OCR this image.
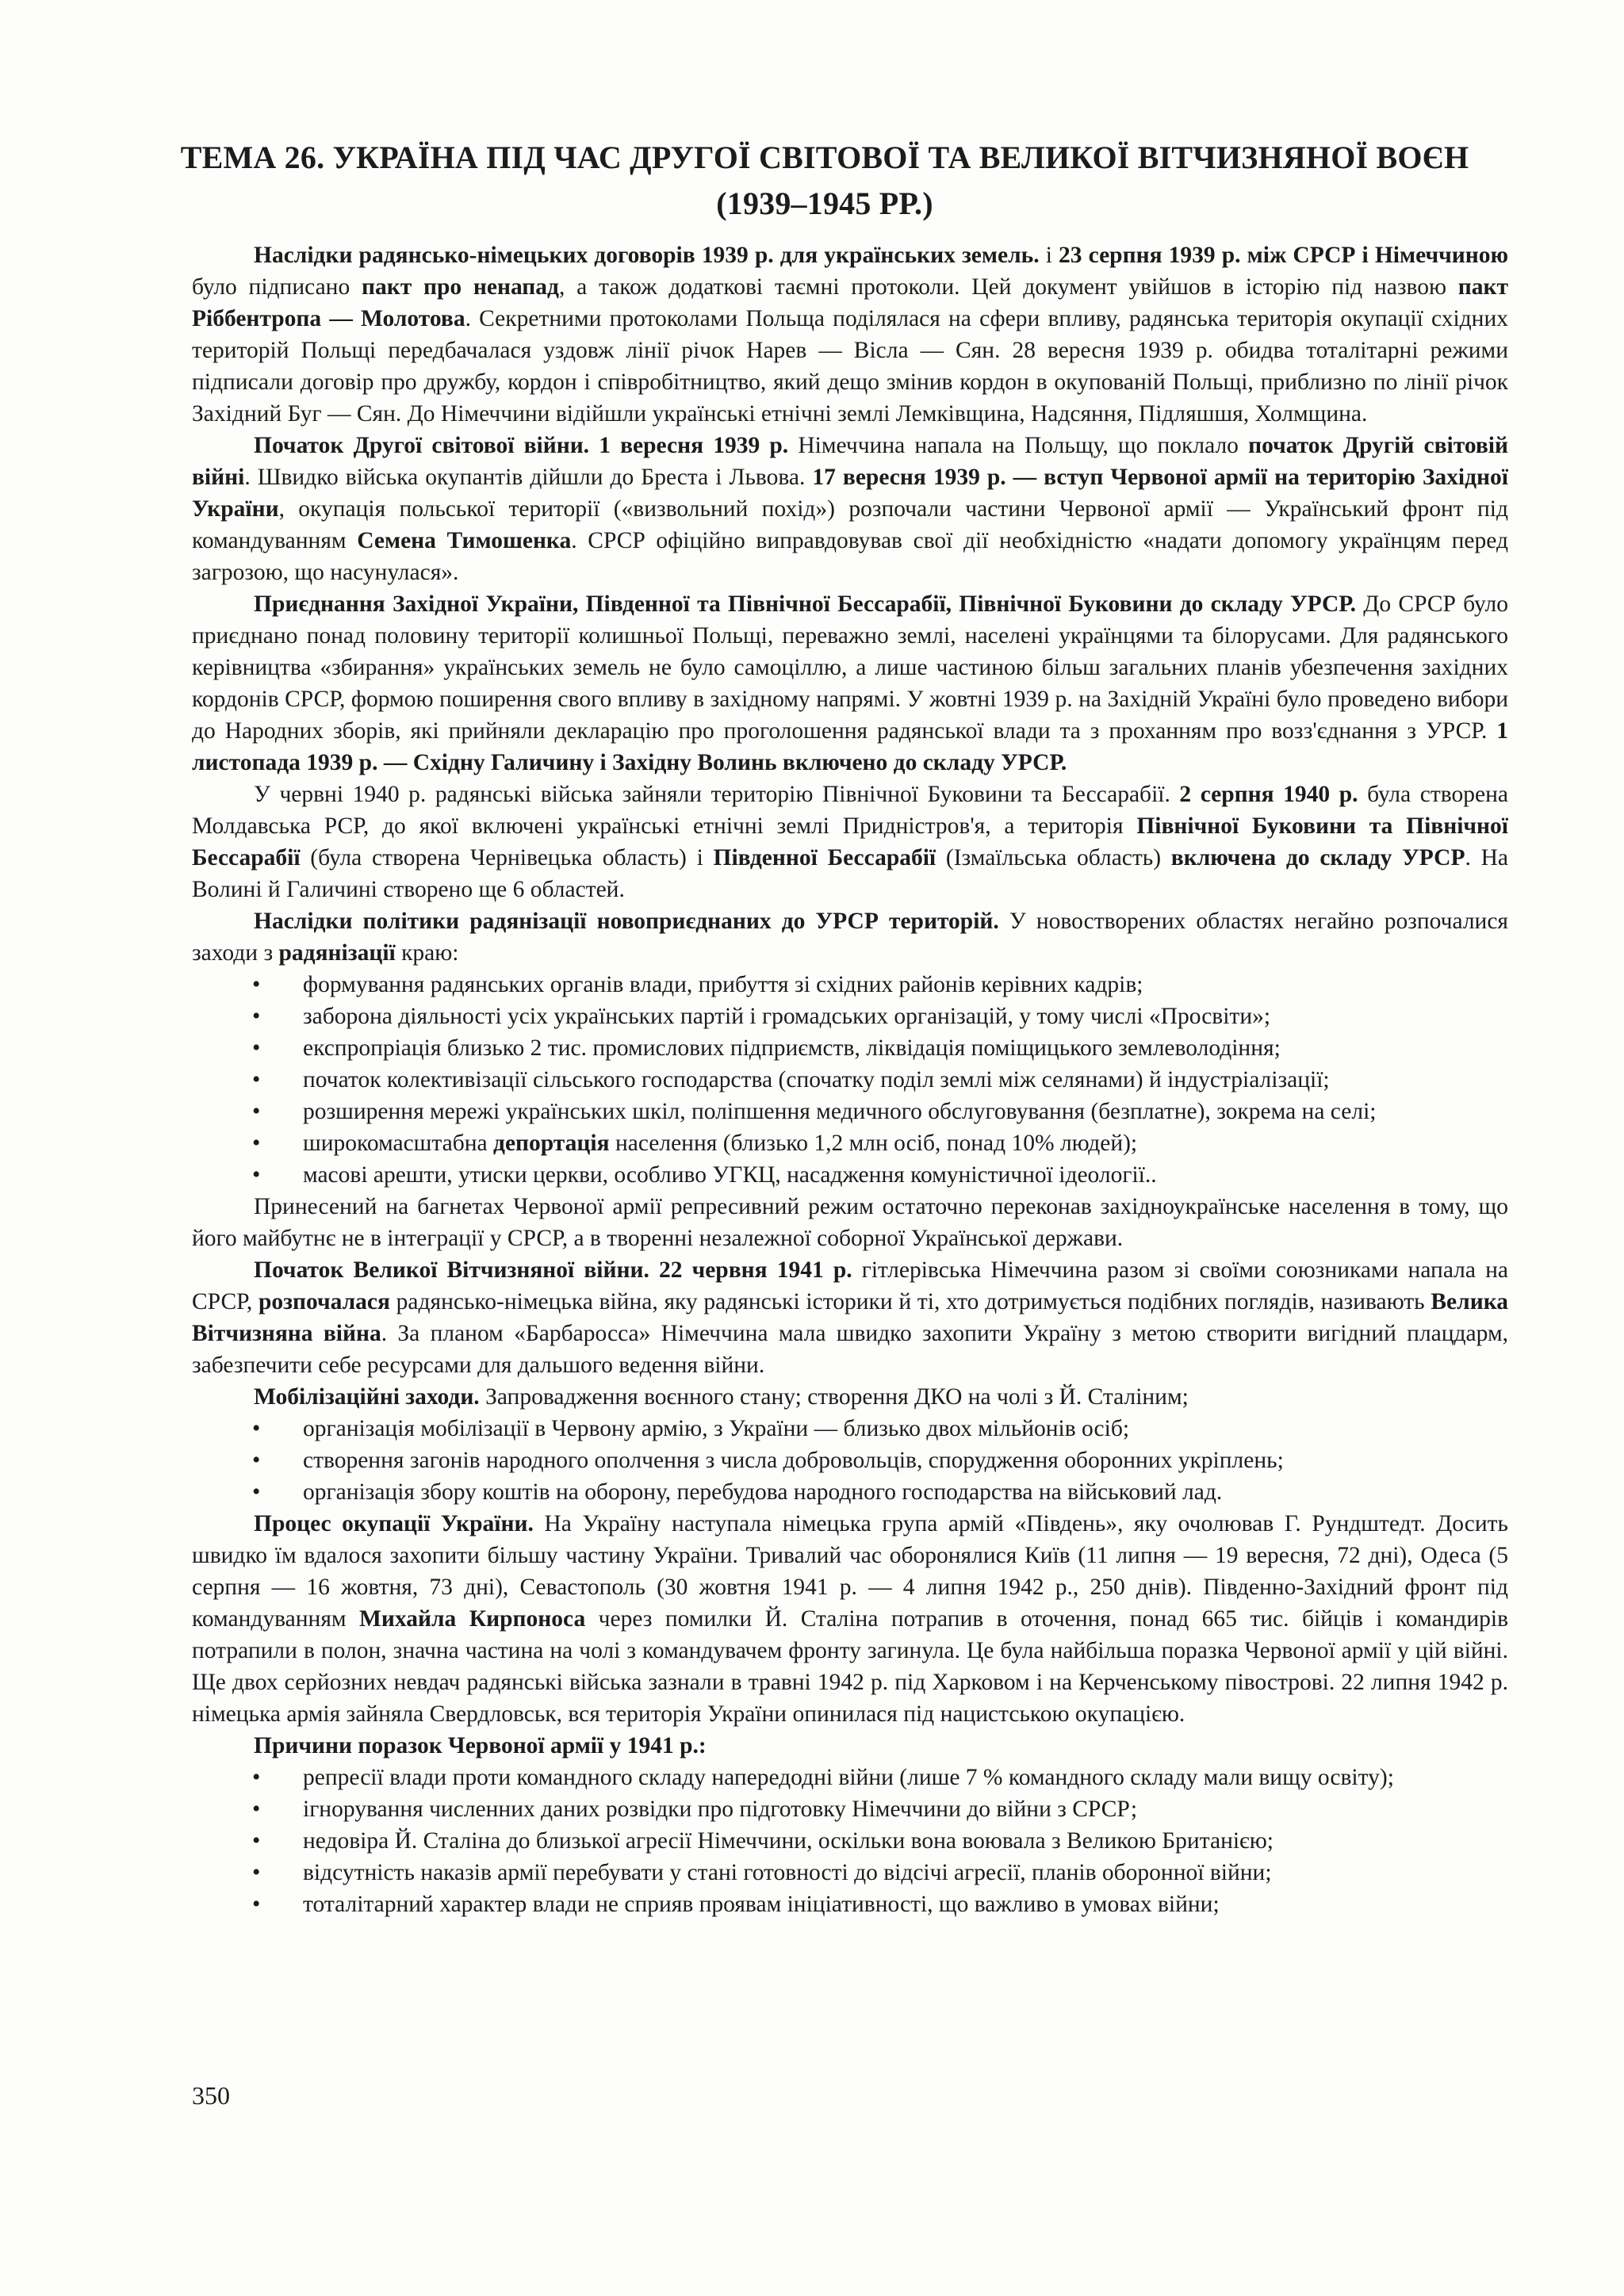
ТЕМА 26. УКРАЇНА ПІД ЧАС ДРУГОЇ СВІТОВОЇ ТА ВЕЛИКОЇ ВІТЧИЗНЯНОЇ ВОЄН
(1939–1945 РР.)

Наслідки радянсько-німецьких договорів 1939 р. для українських земель. і 23 серпня 1939 р. між СРСР і Німеччиною було підписано пакт про ненапад, а також додаткові таємні протоколи. Цей документ увійшов в історію під назвою пакт Ріббентропа — Молотова. Секретними протоколами Польща поділялася на сфери впливу, радянська територія окупації східних територій Польщі передбачалася уздовж лінії річок Нарев — Вісла — Сян. 28 вересня 1939 р. обидва тоталітарні режими підписали договір про дружбу, кордон і співробітництво, який дещо змінив кордон в окупованій Польщі, приблизно по лінії річок Західний Буг — Сян. До Німеччини відійшли українські етнічні землі Лемківщина, Надсяння, Підляшшя, Холмщина.

Початок Другої світової війни. 1 вересня 1939 р. Німеччина напала на Польщу, що поклало початок Другій світовій війні. Швидко війська окупантів дійшли до Бреста і Львова. 17 вересня 1939 р. — вступ Червоної армії на територію Західної України, окупація польської території («визвольний похід») розпочали частини Червоної армії — Український фронт під командуванням Семена Тимошенка. СРСР офіційно виправдовував свої дії необхідністю «надати допомогу українцям перед загрозою, що насунулася».

Приєднання Західної України, Південної та Північної Бессарабії, Північної Буковини до складу УРСР. До СРСР було приєднано понад половину території колишньої Польщі, переважно землі, населені українцями та білорусами. Для радянського керівництва «збирання» українських земель не було самоціллю, а лише частиною більш загальних планів убезпечення західних кордонів СРСР, формою поширення свого впливу в західному напрямі. У жовтні 1939 р. на Західній Україні було проведено вибори до Народних зборів, які прийняли декларацію про проголошення радянської влади та з проханням про возз'єднання з УРСР. 1 листопада 1939 р. — Східну Галичину і Західну Волинь включено до складу УРСР.

У червні 1940 р. радянські війська зайняли територію Північної Буковини та Бессарабії. 2 серпня 1940 р. була створена Молдавська РСР, до якої включені українські етнічні землі Придністров'я, а територія Північної Буковини та Північної Бессарабії (була створена Чернівецька область) і Південної Бессарабії (Ізмаїльська область) включена до складу УРСР. На Волині й Галичині створено ще 6 областей.

Наслідки політики радянізації новоприєднаних до УРСР територій. У новостворених областях негайно розпочалися заходи з радянізації краю:

• формування радянських органів влади, прибуття зі східних районів керівних кадрів;
• заборона діяльності усіх українських партій і громадських організацій, у тому числі «Просвіти»;
• експропріація близько 2 тис. промислових підприємств, ліквідація поміщицького землеволодіння;
• початок колективізації сільського господарства (спочатку поділ землі між селянами) й індустріалізації;
• розширення мережі українських шкіл, поліпшення медичного обслуговування (безплатне), зокрема на селі;
• широкомасштабна депортація населення (близько 1,2 млн осіб, понад 10% людей);
• масові арешти, утиски церкви, особливо УГКЦ, насадження комуністичної ідеології..

Принесений на багнетах Червоної армії репресивний режим остаточно переконав західноукраїнське населення в тому, що його майбутнє не в інтеграції у СРСР, а в творенні незалежної соборної Української держави.

Початок Великої Вітчизняної війни. 22 червня 1941 р. гітлерівська Німеччина разом зі своїми союзниками напала на СРСР, розпочалася радянсько-німецька війна, яку радянські історики й ті, хто дотримується подібних поглядів, називають Велика Вітчизняна війна. За планом «Барбаросса» Німеччина мала швидко захопити Україну з метою створити вигідний плацдарм, забезпечити себе ресурсами для дальшого ведення війни.

Мобілізаційні заходи. Запровадження воєнного стану; створення ДКО на чолі з Й. Сталіним;

• організація мобілізації в Червону армію, з України — близько двох мільйонів осіб;
• створення загонів народного ополчення з числа добровольців, спорудження оборонних укріплень;
• організація збору коштів на оборону, перебудова народного господарства на військовий лад.

Процес окупації України. На Україну наступала німецька група армій «Південь», яку очолював Г. Рундштедт. Досить швидко їм вдалося захопити більшу частину України. Тривалий час оборонялися Київ (11 липня — 19 вересня, 72 дні), Одеса (5 серпня — 16 жовтня, 73 дні), Севастополь (30 жовтня 1941 р. — 4 липня 1942 р., 250 днів). Південно-Західний фронт під командуванням Михайла Кирпоноса через помилки Й. Сталіна потрапив в оточення, понад 665 тис. бійців і командирів потрапили в полон, значна частина на чолі з командувачем фронту загинула. Це була найбільша поразка Червоної армії у цій війні. Ще двох серйозних невдач радянські війська зазнали в травні 1942 р. під Харковом і на Керченському півострові. 22 липня 1942 р. німецька армія зайняла Свердловськ, вся територія України опинилася під нацистською окупацією.

Причини поразок Червоної армії у 1941 р.:

• репресії влади проти командного складу напередодні війни (лише 7 % командного складу мали вищу освіту);
• ігнорування численних даних розвідки про підготовку Німеччини до війни з СРСР;
• недовіра Й. Сталіна до близької агресії Німеччини, оскільки вона воювала з Великою Британією;
• відсутність наказів армії перебувати у стані готовності до відсічі агресії, планів оборонної війни;
• тоталітарний характер влади не сприяв проявам ініціативності, що важливо в умовах війни;
350
